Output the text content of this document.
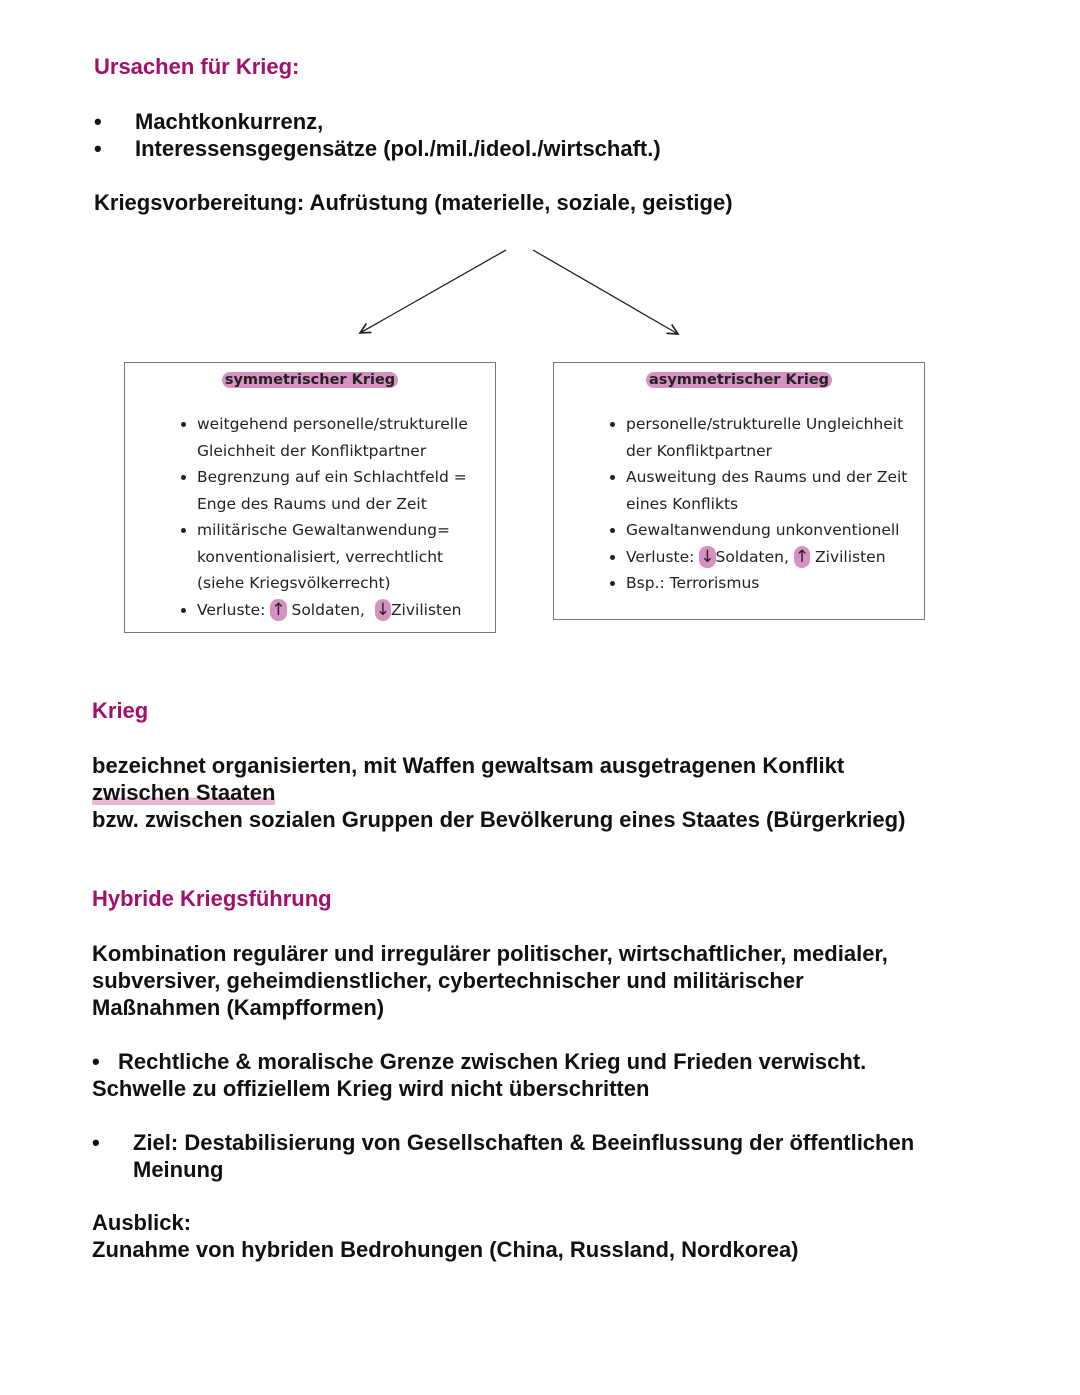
Ursachen für Krieg:
• Machtkonkurrenz,
• Interessensgegensätze (pol./mil./ideol./wirtschaft.)
Kriegsvorbereitung: Aufrüstung (materielle, soziale, geistige)
symmetrischer Krieg
• weitgehend personelle/strukturelle
Gleichheit der Konfliktpartner
• Begrenzung auf ein Schlachtfeld =
Enge des Raums und der Zeit
• militärische Gewaltanwendung=
konventionalisiert, verrechtlicht
(siehe Kriegsvölkerrecht)
• Verluste: ↑ Soldaten, ↓Zivilisten
asymmetrischer Krieg
• personelle/strukturelle Ungleichheit
der Konfliktpartner
• Ausweitung des Raums und der Zeit
eines Konflikts
• Gewaltanwendung unkonventionell
• Verluste: ↓Soldaten, ↑ Zivilisten
• Bsp.: Terrorismus
Krieg
bezeichnet organisierten, mit Waffen gewaltsam ausgetragenen Konflikt
zwischen Staaten
bzw. zwischen sozialen Gruppen der Bevölkerung eines Staates (Bürgerkrieg)
Hybride Kriegsführung
Kombination regulärer und irregulärer politischer, wirtschaftlicher, medialer,
subversiver, geheimdienstlicher, cybertechnischer und militärischer
Maßnahmen (Kampfformen)
•   Rechtliche & moralische Grenze zwischen Krieg und Frieden verwischt.
Schwelle zu offiziellem Krieg wird nicht überschritten
• Ziel: Destabilisierung von Gesellschaften & Beeinflussung der öffentlichen
Meinung
Ausblick:
Zunahme von hybriden Bedrohungen (China, Russland, Nordkorea)
